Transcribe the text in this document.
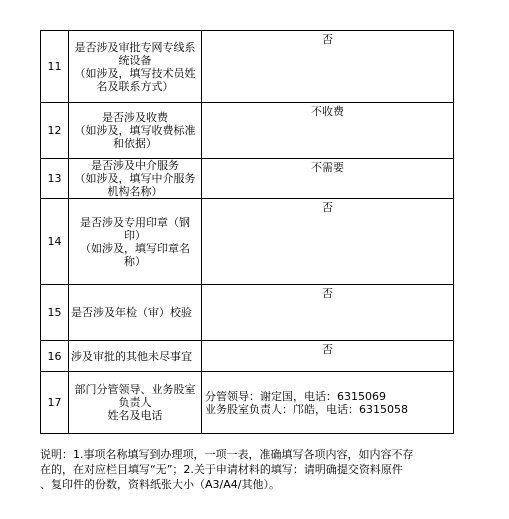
11	是否涉及审批专网专线系
统设备
（如涉及，填写技术员姓
名及联系方式）	否

12	是否涉及收费
（如涉及，填写收费标准
和依据）	不收费

13	是否涉及中介服务
（如涉及，填写中介服务
机构名称）	不需要

14	是否涉及专用印章（钢
印）
（如涉及，填写印章名
称）	否

15	是否涉及年检（审）校验	否

16	涉及审批的其他未尽事宜	否

17	部门分管领导、业务股室
负责人
姓名及电话	分管领导：谢定国，电话：6315069
业务股室负责人：邝皓，电话：6315058
说明：1.事项名称填写到办理项，一项一表，准确填写各项内容，如内容不存
在的，在对应栏目填写“无”；2.关于申请材料的填写：请明确提交资料原件
、复印件的份数，资料纸张大小（A3/A4/其他）。
